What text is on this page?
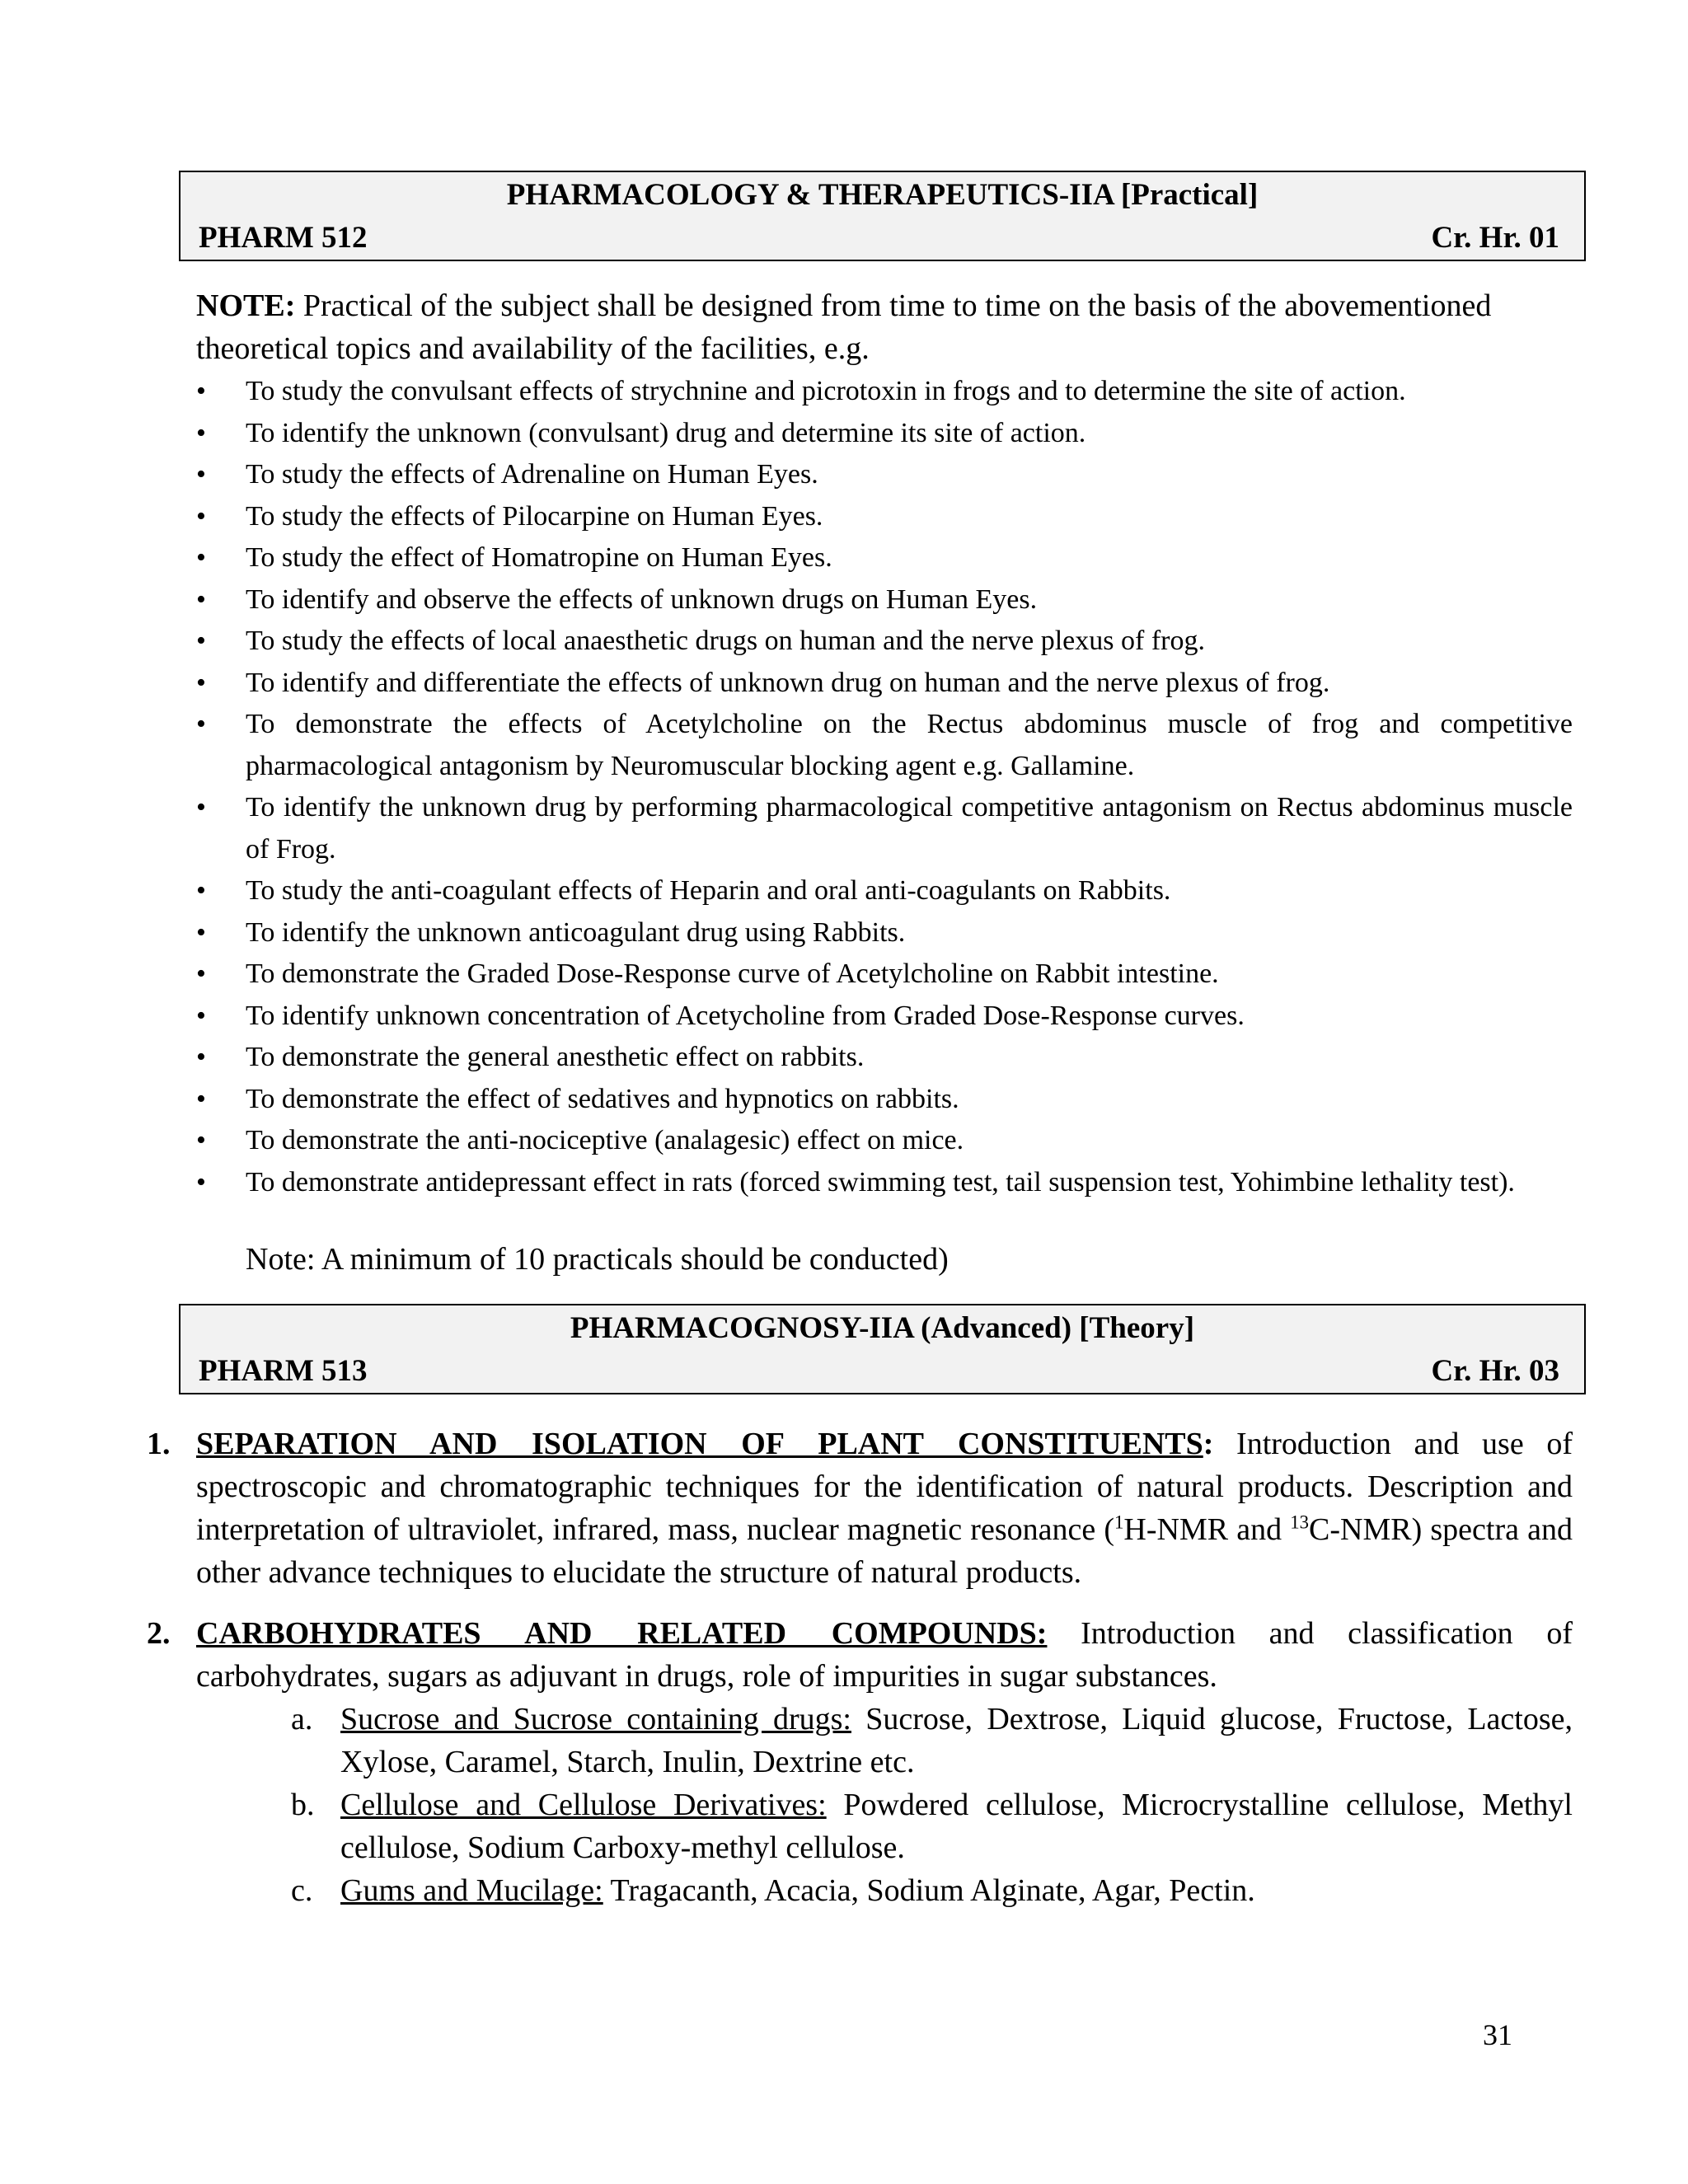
PHARMACOLOGY & THERAPEUTICS-IIA [Practical]
PHARM 512	Cr. Hr. 01
NOTE: Practical of the subject shall be designed from time to time on the basis of the abovementioned theoretical topics and availability of the facilities, e.g.
• To study the convulsant effects of strychnine and picrotoxin in frogs and to determine the site of action.
• To identify the unknown (convulsant) drug and determine its site of action.
• To study the effects of Adrenaline on Human Eyes.
• To study the effects of Pilocarpine on Human Eyes.
• To study the effect of Homatropine on Human Eyes.
• To identify and observe the effects of unknown drugs on Human Eyes.
• To study the effects of local anaesthetic drugs on human and the nerve plexus of frog.
• To identify and differentiate the effects of unknown drug on human and the nerve plexus of frog.
• To demonstrate the effects of Acetylcholine on the Rectus abdominus muscle of frog and competitive pharmacological antagonism by Neuromuscular blocking agent e.g. Gallamine.
• To identify the unknown drug by performing pharmacological competitive antagonism on Rectus abdominus muscle of Frog.
• To study the anti-coagulant effects of Heparin and oral anti-coagulants on Rabbits.
• To identify the unknown anticoagulant drug using Rabbits.
• To demonstrate the Graded Dose-Response curve of Acetylcholine on Rabbit intestine.
• To identify unknown concentration of Acetycholine from Graded Dose-Response curves.
• To demonstrate the general anesthetic effect on rabbits.
• To demonstrate the effect of sedatives and hypnotics on rabbits.
• To demonstrate the anti-nociceptive (analagesic) effect on mice.
• To demonstrate antidepressant effect in rats (forced swimming test, tail suspension test, Yohimbine lethality test).
Note: A minimum of 10 practicals should be conducted)
PHARMACOGNOSY-IIA (Advanced) [Theory]
PHARM 513	Cr. Hr. 03
1. SEPARATION AND ISOLATION OF PLANT CONSTITUENTS: Introduction and use of spectroscopic and chromatographic techniques for the identification of natural products. Description and interpretation of ultraviolet, infrared, mass, nuclear magnetic resonance ($^1$H-NMR and $^{13}$C-NMR) spectra and other advance techniques to elucidate the structure of natural products.
2. CARBOHYDRATES AND RELATED COMPOUNDS: Introduction and classification of carbohydrates, sugars as adjuvant in drugs, role of impurities in sugar substances.
a. Sucrose and Sucrose containing drugs: Sucrose, Dextrose, Liquid glucose, Fructose, Lactose, Xylose, Caramel, Starch, Inulin, Dextrine etc.
b. Cellulose and Cellulose Derivatives: Powdered cellulose, Microcrystalline cellulose, Methyl cellulose, Sodium Carboxy-methyl cellulose.
c. Gums and Mucilage: Tragacanth, Acacia, Sodium Alginate, Agar, Pectin.
31
